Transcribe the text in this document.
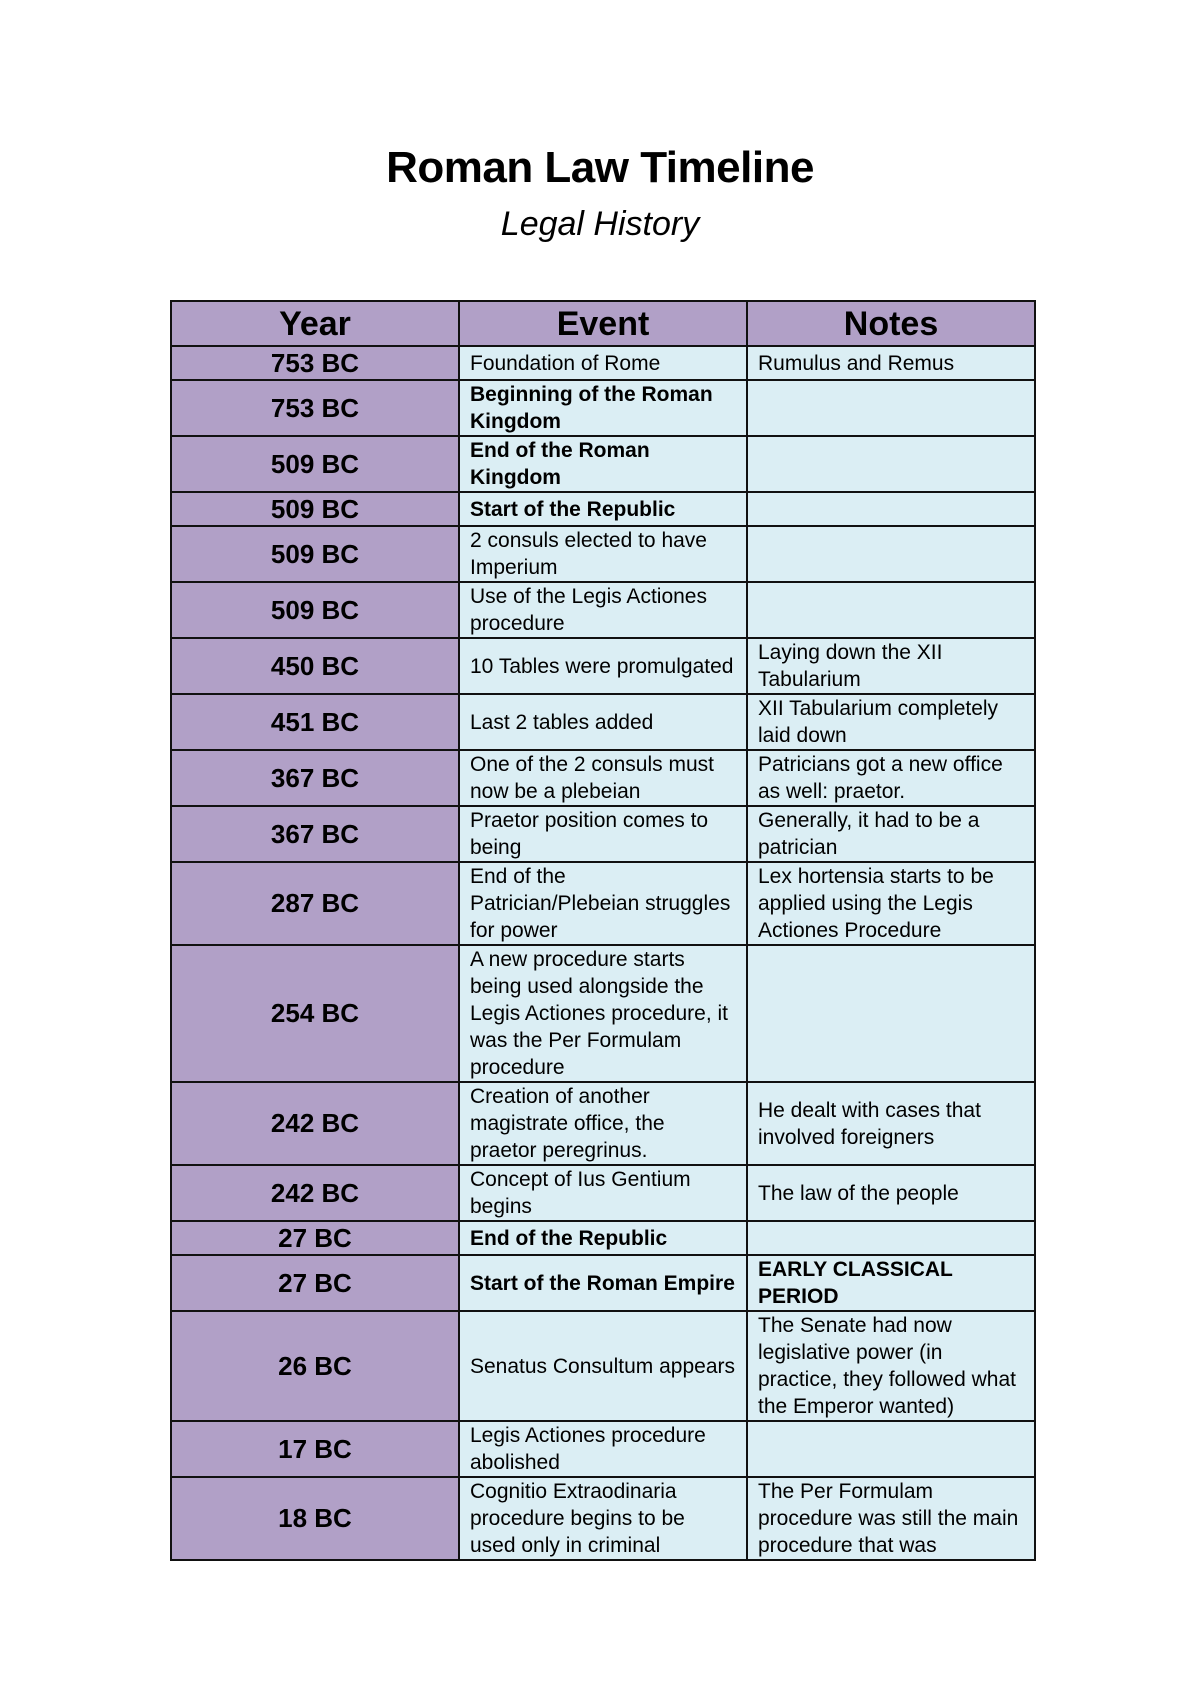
Roman Law Timeline
Legal History
Year	Event	Notes
753 BC	Foundation of Rome	Rumulus and Remus
753 BC	Beginning of the Roman Kingdom	
509 BC	End of the Roman Kingdom	
509 BC	Start of the Republic	
509 BC	2 consuls elected to have Imperium	
509 BC	Use of the Legis Actiones procedure	
450 BC	10 Tables were promulgated	Laying down the XII Tabularium
451 BC	Last 2 tables added	XII Tabularium completely laid down
367 BC	One of the 2 consuls must now be a plebeian	Patricians got a new office as well: praetor.
367 BC	Praetor position comes to being	Generally, it had to be a patrician
287 BC	End of the Patrician/Plebeian struggles for power	Lex hortensia starts to be applied using the Legis Actiones Procedure
254 BC	A new procedure starts being used alongside the Legis Actiones procedure, it was the Per Formulam procedure	
242 BC	Creation of another magistrate office, the praetor peregrinus.	He dealt with cases that involved foreigners
242 BC	Concept of Ius Gentium begins	The law of the people
27 BC	End of the Republic	
27 BC	Start of the Roman Empire	EARLY CLASSICAL PERIOD
26 BC	Senatus Consultum appears	The Senate had now legislative power (in practice, they followed what the Emperor wanted)
17 BC	Legis Actiones procedure abolished	
18 BC	Cognitio Extraodinaria procedure begins to be used only in criminal	The Per Formulam procedure was still the main procedure that was
